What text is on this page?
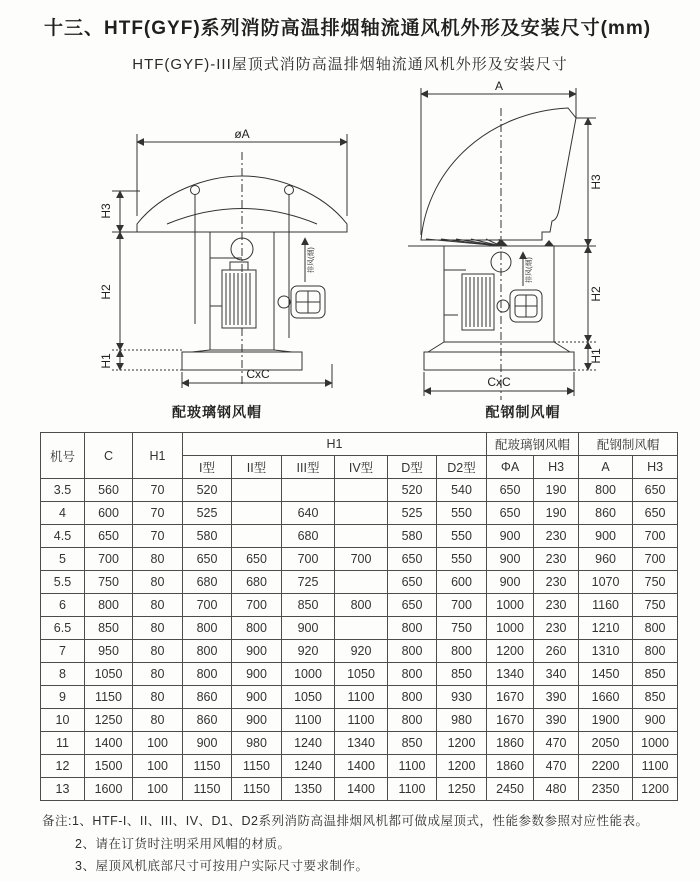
十三、HTF(GYF)系列消防高温排烟轴流通风机外形及安装尺寸(mm)
HTF(GYF)-III屋顶式消防高温排烟轴流通风机外形及安装尺寸
øA
排风(烟)
H3
H2
H1
CxC
A
排风(烟)
H3
H2
H1
CxC
配玻璃钢风帽	配钢制风帽
机号	C	H1	H1						配玻璃钢风帽		配钢制风帽	
			I型	II型	III型	IV型	D型	D2型	ΦA	H3	A	H3
3.5	560	70	520				520	540	650	190	800	650
4	600	70	525		640		525	550	650	190	860	650
4.5	650	70	580		680		580	550	900	230	900	700
5	700	80	650	650	700	700	650	550	900	230	960	700
5.5	750	80	680	680	725		650	600	900	230	1070	750
6	800	80	700	700	850	800	650	700	1000	230	1160	750
6.5	850	80	800	800	900		800	750	1000	230	1210	800
7	950	80	800	900	920	920	800	800	1200	260	1310	800
8	1050	80	800	900	1000	1050	800	850	1340	340	1450	850
9	1150	80	860	900	1050	1100	800	930	1670	390	1660	850
10	1250	80	860	900	1100	1100	800	980	1670	390	1900	900
11	1400	100	900	980	1240	1340	850	1200	1860	470	2050	1000
12	1500	100	1150	1150	1240	1400	1100	1200	1860	470	2200	1100
13	1600	100	1150	1150	1350	1400	1100	1250	2450	480	2350	1200
备注:1、HTF-I、II、III、IV、D1、D2系列消防高温排烟风机都可做成屋顶式，性能参数参照对应性能表。
2、请在订货时注明采用风帽的材质。
3、屋顶风机底部尺寸可按用户实际尺寸要求制作。
